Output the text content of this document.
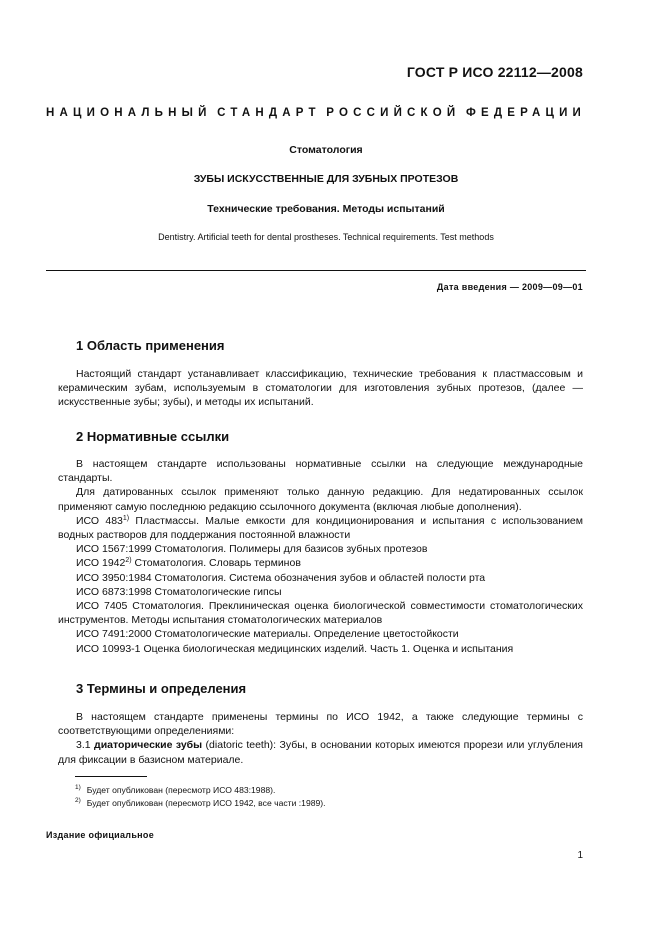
ГОСТ Р ИСО 22112—2008
НАЦИОНАЛЬНЫЙ СТАНДАРТ РОССИЙСКОЙ ФЕДЕРАЦИИ
Стоматология
ЗУБЫ ИСКУССТВЕННЫЕ ДЛЯ ЗУБНЫХ ПРОТЕЗОВ
Технические требования. Методы испытаний
Dentistry. Artificial teeth for dental prostheses. Technical requirements. Test methods
Дата введения — 2009—09—01
1 Область применения
Настоящий стандарт устанавливает классификацию, технические требования к пластмассовым и керамическим зубам, используемым в стоматологии для изготовления зубных протезов, (далее — искусственные зубы; зубы), и методы их испытаний.
2 Нормативные ссылки
В настоящем стандарте использованы нормативные ссылки на следующие международные стандарты.
Для датированных ссылок применяют только данную редакцию. Для недатированных ссылок применяют самую последнюю редакцию ссылочного документа (включая любые дополнения).
ИСО 483$^{1)}$ Пластмассы. Малые емкости для кондиционирования и испытания с использованием водных растворов для поддержания постоянной влажности
ИСО 1567:1999 Стоматология. Полимеры для базисов зубных протезов
ИСО 1942$^{2)}$ Стоматология. Словарь терминов
ИСО 3950:1984 Стоматология. Система обозначения зубов и областей полости рта
ИСО 6873:1998 Стоматологические гипсы
ИСО 7405 Стоматология. Преклиническая оценка биологической совместимости стоматологических инструментов. Методы испытания стоматологических материалов
ИСО 7491:2000 Стоматологические материалы. Определение цветостойкости
ИСО 10993-1 Оценка биологическая медицинских изделий. Часть 1. Оценка и испытания
3 Термины и определения
В настоящем стандарте применены термины по ИСО 1942, а также следующие термины с соответствующими определениями:
3.1 диаторические зубы (diatoric teeth): Зубы, в основании которых имеются прорези или углубления для фиксации в базисном материале.
$^{1)}$ Будет опубликован (пересмотр ИСО 483:1988).
$^{2)}$ Будет опубликован (пересмотр ИСО 1942, все части :1989).
Издание официальное
1
